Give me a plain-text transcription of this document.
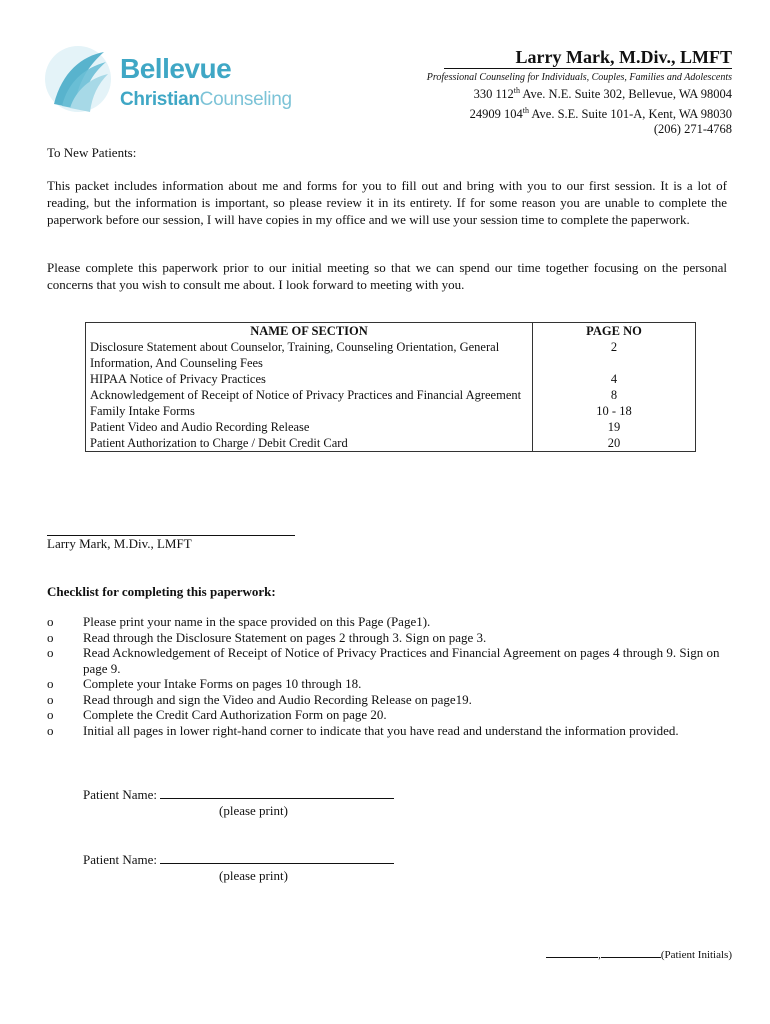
Bellevue
ChristianCounseling
Larry Mark, M.Div., LMFT
Professional Counseling for Individuals, Couples, Families and Adolescents
330 112th Ave. N.E. Suite 302, Bellevue, WA 98004
24909 104th Ave. S.E. Suite 101-A, Kent, WA 98030
(206) 271-4768
To New Patients:
This packet includes information about me and forms for you to fill out and bring with you to our first session. It is a lot of reading, but the information is important, so please review it in its entirety. If for some reason you are unable to complete the paperwork before our session, I will have copies in my office and we will use your session time to complete the paperwork.
Please complete this paperwork prior to our initial meeting so that we can spend our time together focusing on the personal concerns that you wish to consult me about. I look forward to meeting with you.
NAME OF SECTION	PAGE NO
Disclosure Statement about Counselor, Training, Counseling Orientation, General Information, And Counseling Fees	2
HIPAA Notice of Privacy Practices	4
Acknowledgement of Receipt of Notice of Privacy Practices and Financial Agreement	8
Family Intake Forms	10 - 18
Patient Video and Audio Recording Release	19
Patient Authorization to Charge / Debit Credit Card	20
Larry Mark, M.Div., LMFT
Checklist for completing this paperwork:
o	Please print your name in the space provided on this Page (Page1).
o	Read through the Disclosure Statement on pages 2 through 3. Sign on page 3.
o	Read Acknowledgement of Receipt of Notice of Privacy Practices and Financial Agreement on pages 4 through 9. Sign on page 9.
o	Complete your Intake Forms on pages 10 through 18.
o	Read through and sign the Video and Audio Recording Release on page19.
o	Complete the Credit Card Authorization Form on page 20.
o	Initial all pages in lower right-hand corner to indicate that you have read and understand the information provided.
Patient Name:
(please print)
Patient Name:
(please print)
,	(Patient Initials)
